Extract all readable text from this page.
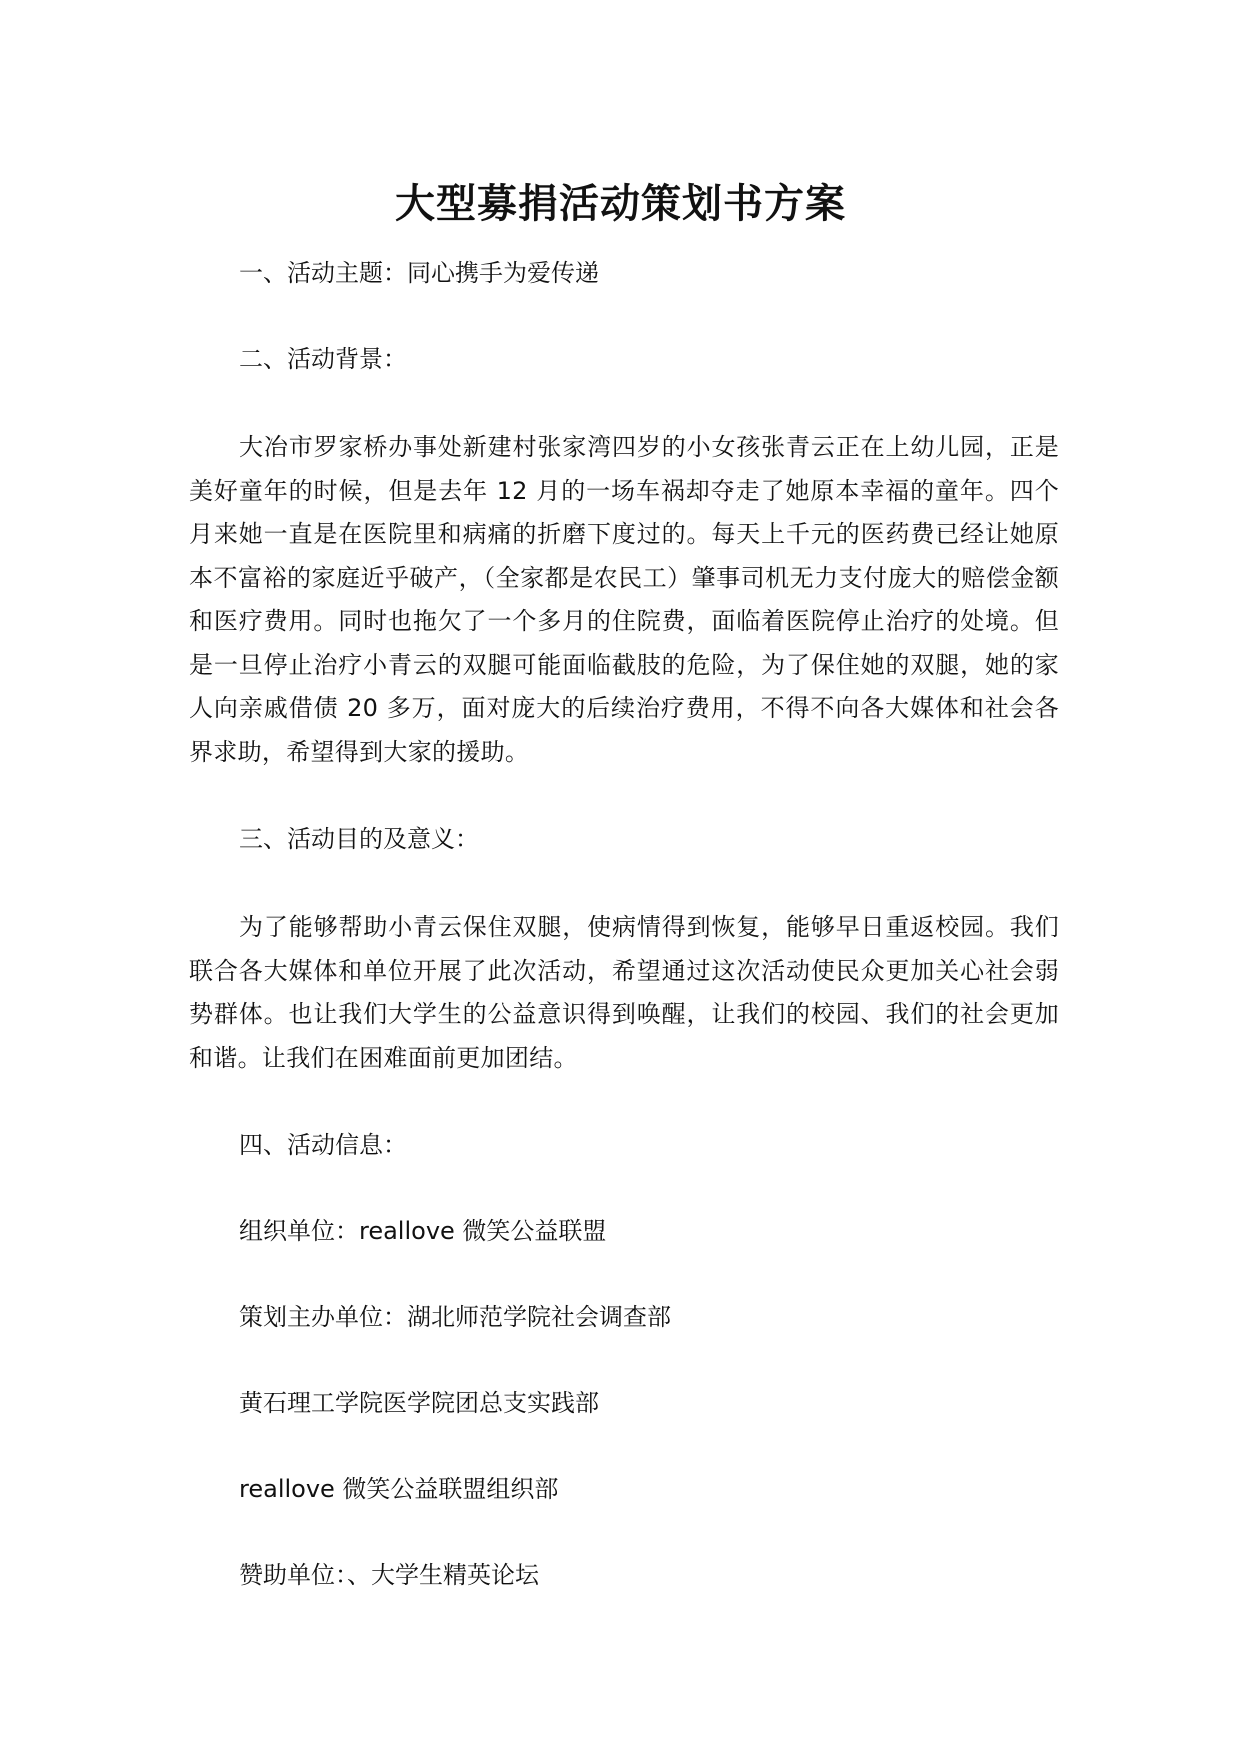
大型募捐活动策划书方案

一、活动主题：同心携手为爱传递

二、活动背景：

大冶市罗家桥办事处新建村张家湾四岁的小女孩张青云正在上幼儿园，正是美好童年的时候，但是去年 12 月的一场车祸却夺走了她原本幸福的童年。四个月来她一直是在医院里和病痛的折磨下度过的。每天上千元的医药费已经让她原本不富裕的家庭近乎破产，（全家都是农民工）肇事司机无力支付庞大的赔偿金额和医疗费用。同时也拖欠了一个多月的住院费，面临着医院停止治疗的处境。但是一旦停止治疗小青云的双腿可能面临截肢的危险，为了保住她的双腿，她的家人向亲戚借债 20 多万，面对庞大的后续治疗费用，不得不向各大媒体和社会各界求助，希望得到大家的援助。

三、活动目的及意义：

为了能够帮助小青云保住双腿，使病情得到恢复，能够早日重返校园。我们联合各大媒体和单位开展了此次活动，希望通过这次活动使民众更加关心社会弱势群体。也让我们大学生的公益意识得到唤醒，让我们的校园、我们的社会更加和谐。让我们在困难面前更加团结。

四、活动信息：

组织单位：reallove 微笑公益联盟

策划主办单位：湖北师范学院社会调查部

黄石理工学院医学院团总支实践部

reallove 微笑公益联盟组织部

赞助单位：、大学生精英论坛
